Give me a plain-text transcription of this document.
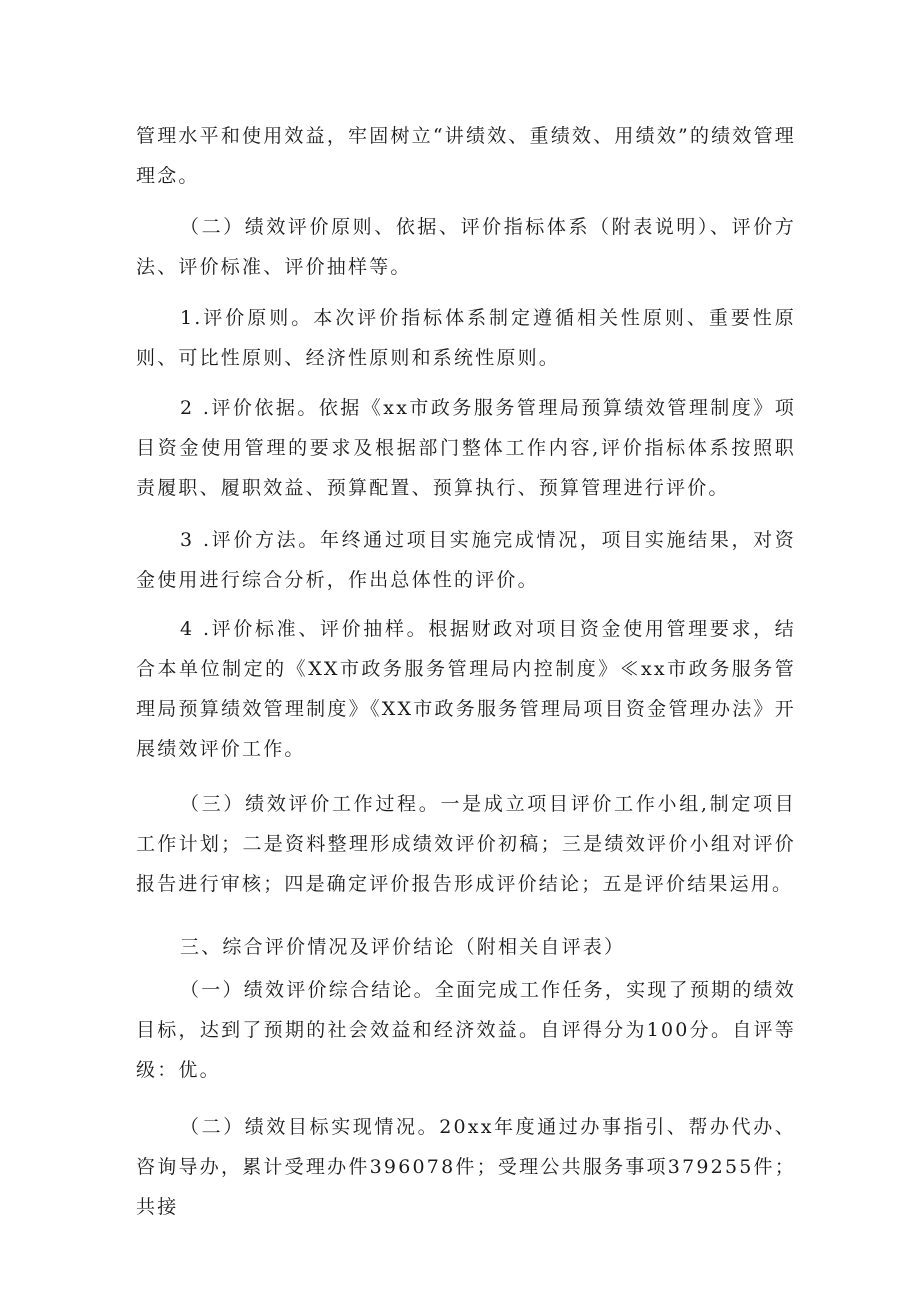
管理水平和使用效益，牢固树立“讲绩效、重绩效、用绩效”的绩效管理理念。

（二）绩效评价原则、依据、评价指标体系（附表说明）、评价方法、评价标准、评价抽样等。

1.评价原则。本次评价指标体系制定遵循相关性原则、重要性原则、可比性原则、经济性原则和系统性原则。

2 .评价依据。依据《xx市政务服务管理局预算绩效管理制度》项目资金使用管理的要求及根据部门整体工作内容,评价指标体系按照职责履职、履职效益、预算配置、预算执行、预算管理进行评价。

3 .评价方法。年终通过项目实施完成情况，项目实施结果，对资金使用进行综合分析，作出总体性的评价。

4 .评价标准、评价抽样。根据财政对项目资金使用管理要求，结合本单位制定的《XX市政务服务管理局内控制度》≪xx市政务服务管理局预算绩效管理制度》《XX市政务服务管理局项目资金管理办法》开展绩效评价工作。

（三）绩效评价工作过程。一是成立项目评价工作小组,制定项目工作计划；二是资料整理形成绩效评价初稿；三是绩效评价小组对评价报告进行审核；四是确定评价报告形成评价结论；五是评价结果运用。

三、综合评价情况及评价结论（附相关自评表）

（一）绩效评价综合结论。全面完成工作任务，实现了预期的绩效目标，达到了预期的社会效益和经济效益。自评得分为100分。自评等级：优。

（二）绩效目标实现情况。20xx年度通过办事指引、帮办代办、咨询导办，累计受理办件396078件；受理公共服务事项379255件；共接
